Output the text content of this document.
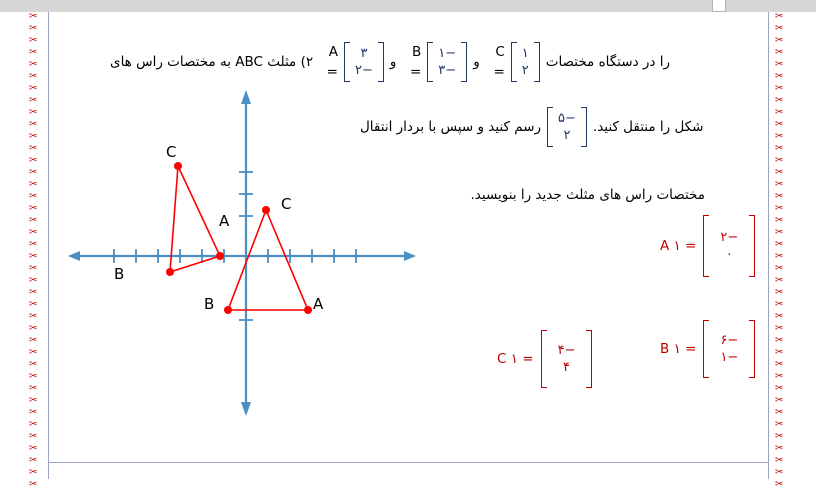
✂
✂
✂
✂
✂
✂
✂
✂
✂
✂
✂
✂
✂
✂
✂
✂
✂
✂
✂
✂
✂
✂
✂
✂
✂
✂
✂
✂
✂
✂
✂
✂
✂
✂
✂
✂
✂
✂
✂
✂
✂
✂
✂
✂
✂
✂
✂
✂
✂
✂
✂
✂
✂
✂
✂
✂
✂
✂
✂
✂
✂
✂
✂
✂
✂
✂
✂
✂
✂
✂
✂
✂
✂
✂
✂
✂
✂
✂
✂
✂
۲) مثلث ABC به مختصات راس های
A =
۳
−۲
و
B =
−۱
−۳
و
C =
۱
۲
را در دستگاه مختصات
رسم کنید و سپس با بردار انتقال
−۵
۲
شکل را منتقل کنید.
مختصات راس های مثلث جدید را بنویسید.
A ١ =
−۲
۰
B ١ =
−۶
−۱
C ١ =
−۴
۴
A
B
C
A
B
C
